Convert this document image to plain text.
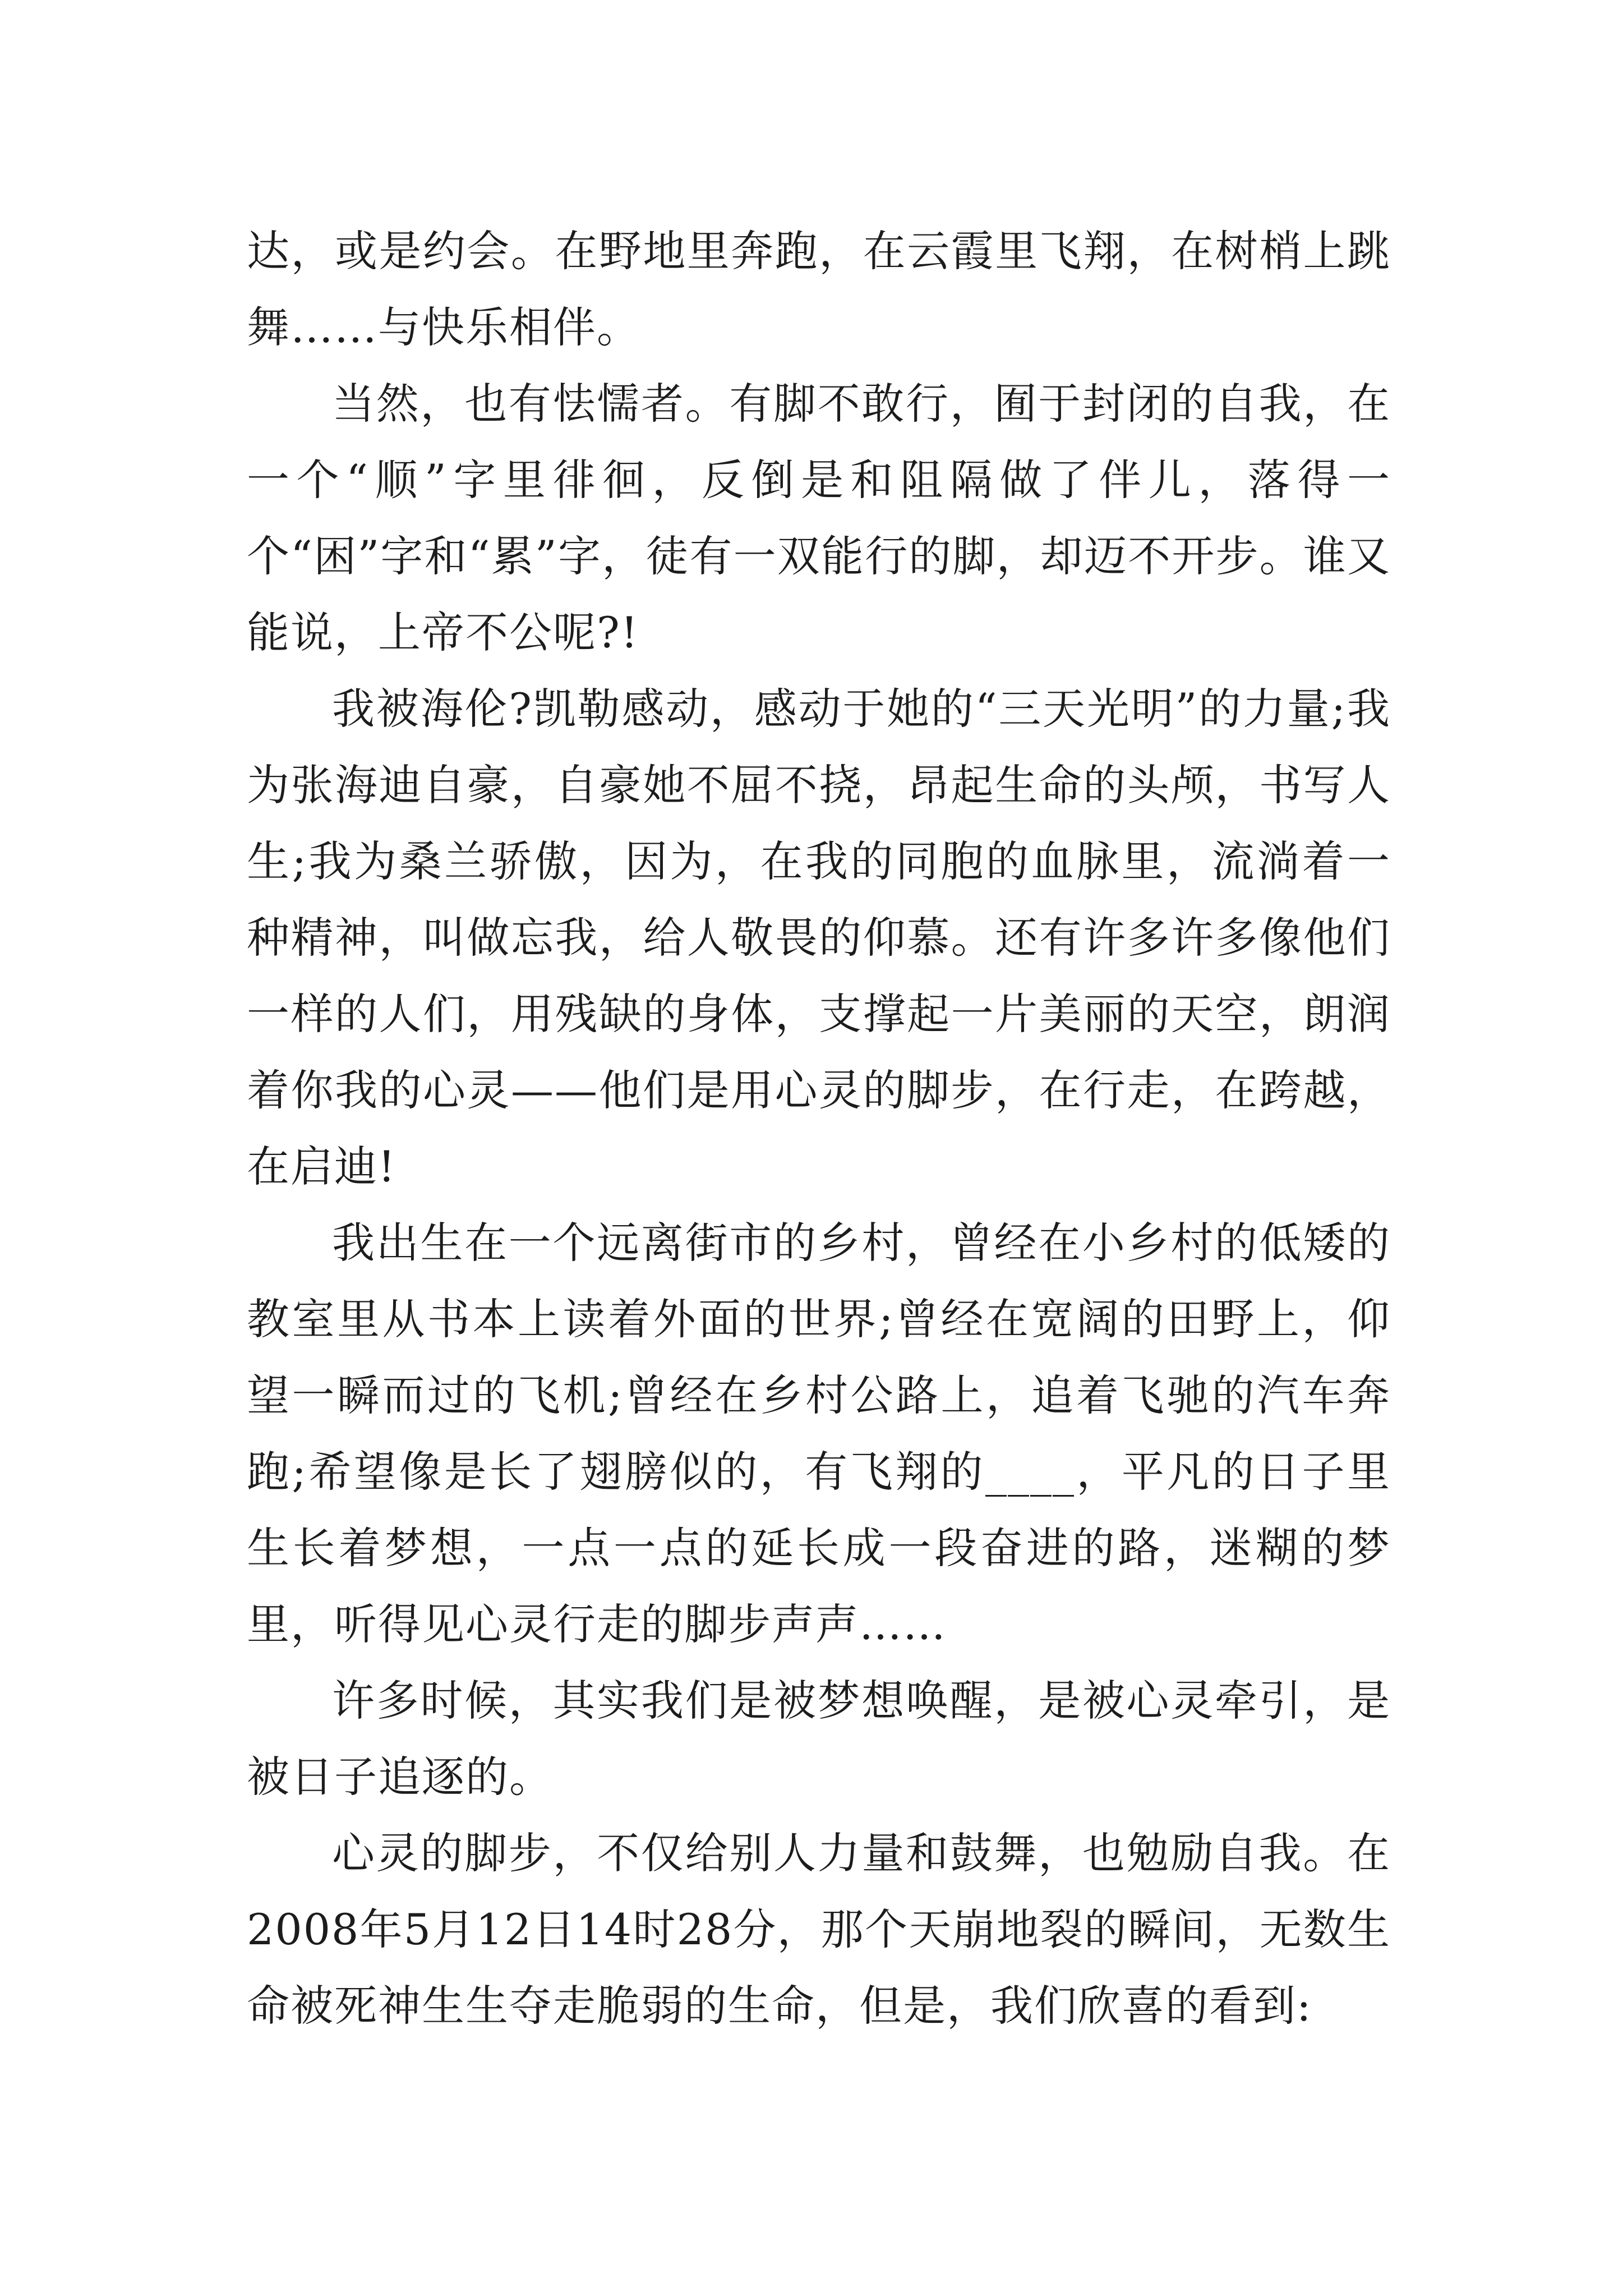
达，或是约会。在野地里奔跑，在云霞里飞翔，在树梢上跳舞……与快乐相伴。

当然，也有怯懦者。有脚不敢行，囿于封闭的自我，在一个“顺”字里徘徊，反倒是和阻隔做了伴儿，落得一个“困”字和“累”字，徒有一双能行的脚，却迈不开步。谁又能说，上帝不公呢?!

我被海伦?凯勒感动，感动于她的“三天光明”的力量;我为张海迪自豪，自豪她不屈不挠，昂起生命的头颅，书写人生;我为桑兰骄傲，因为，在我的同胞的血脉里，流淌着一种精神，叫做忘我，给人敬畏的仰慕。还有许多许多像他们一样的人们，用残缺的身体，支撑起一片美丽的天空，朗润着你我的心灵——他们是用心灵的脚步，在行走，在跨越，在启迪!

我出生在一个远离街市的乡村，曾经在小乡村的低矮的教室里从书本上读着外面的世界;曾经在宽阔的田野上，仰望一瞬而过的飞机;曾经在乡村公路上，追着飞驰的汽车奔跑;希望像是长了翅膀似的，有飞翔的____，平凡的日子里生长着梦想，一点一点的延长成一段奋进的路，迷糊的梦里，听得见心灵行走的脚步声声……

许多时候，其实我们是被梦想唤醒，是被心灵牵引，是被日子追逐的。

心灵的脚步，不仅给别人力量和鼓舞，也勉励自我。在2008年5月12日14时28分，那个天崩地裂的瞬间，无数生命被死神生生夺走脆弱的生命，但是，我们欣喜的看到:
